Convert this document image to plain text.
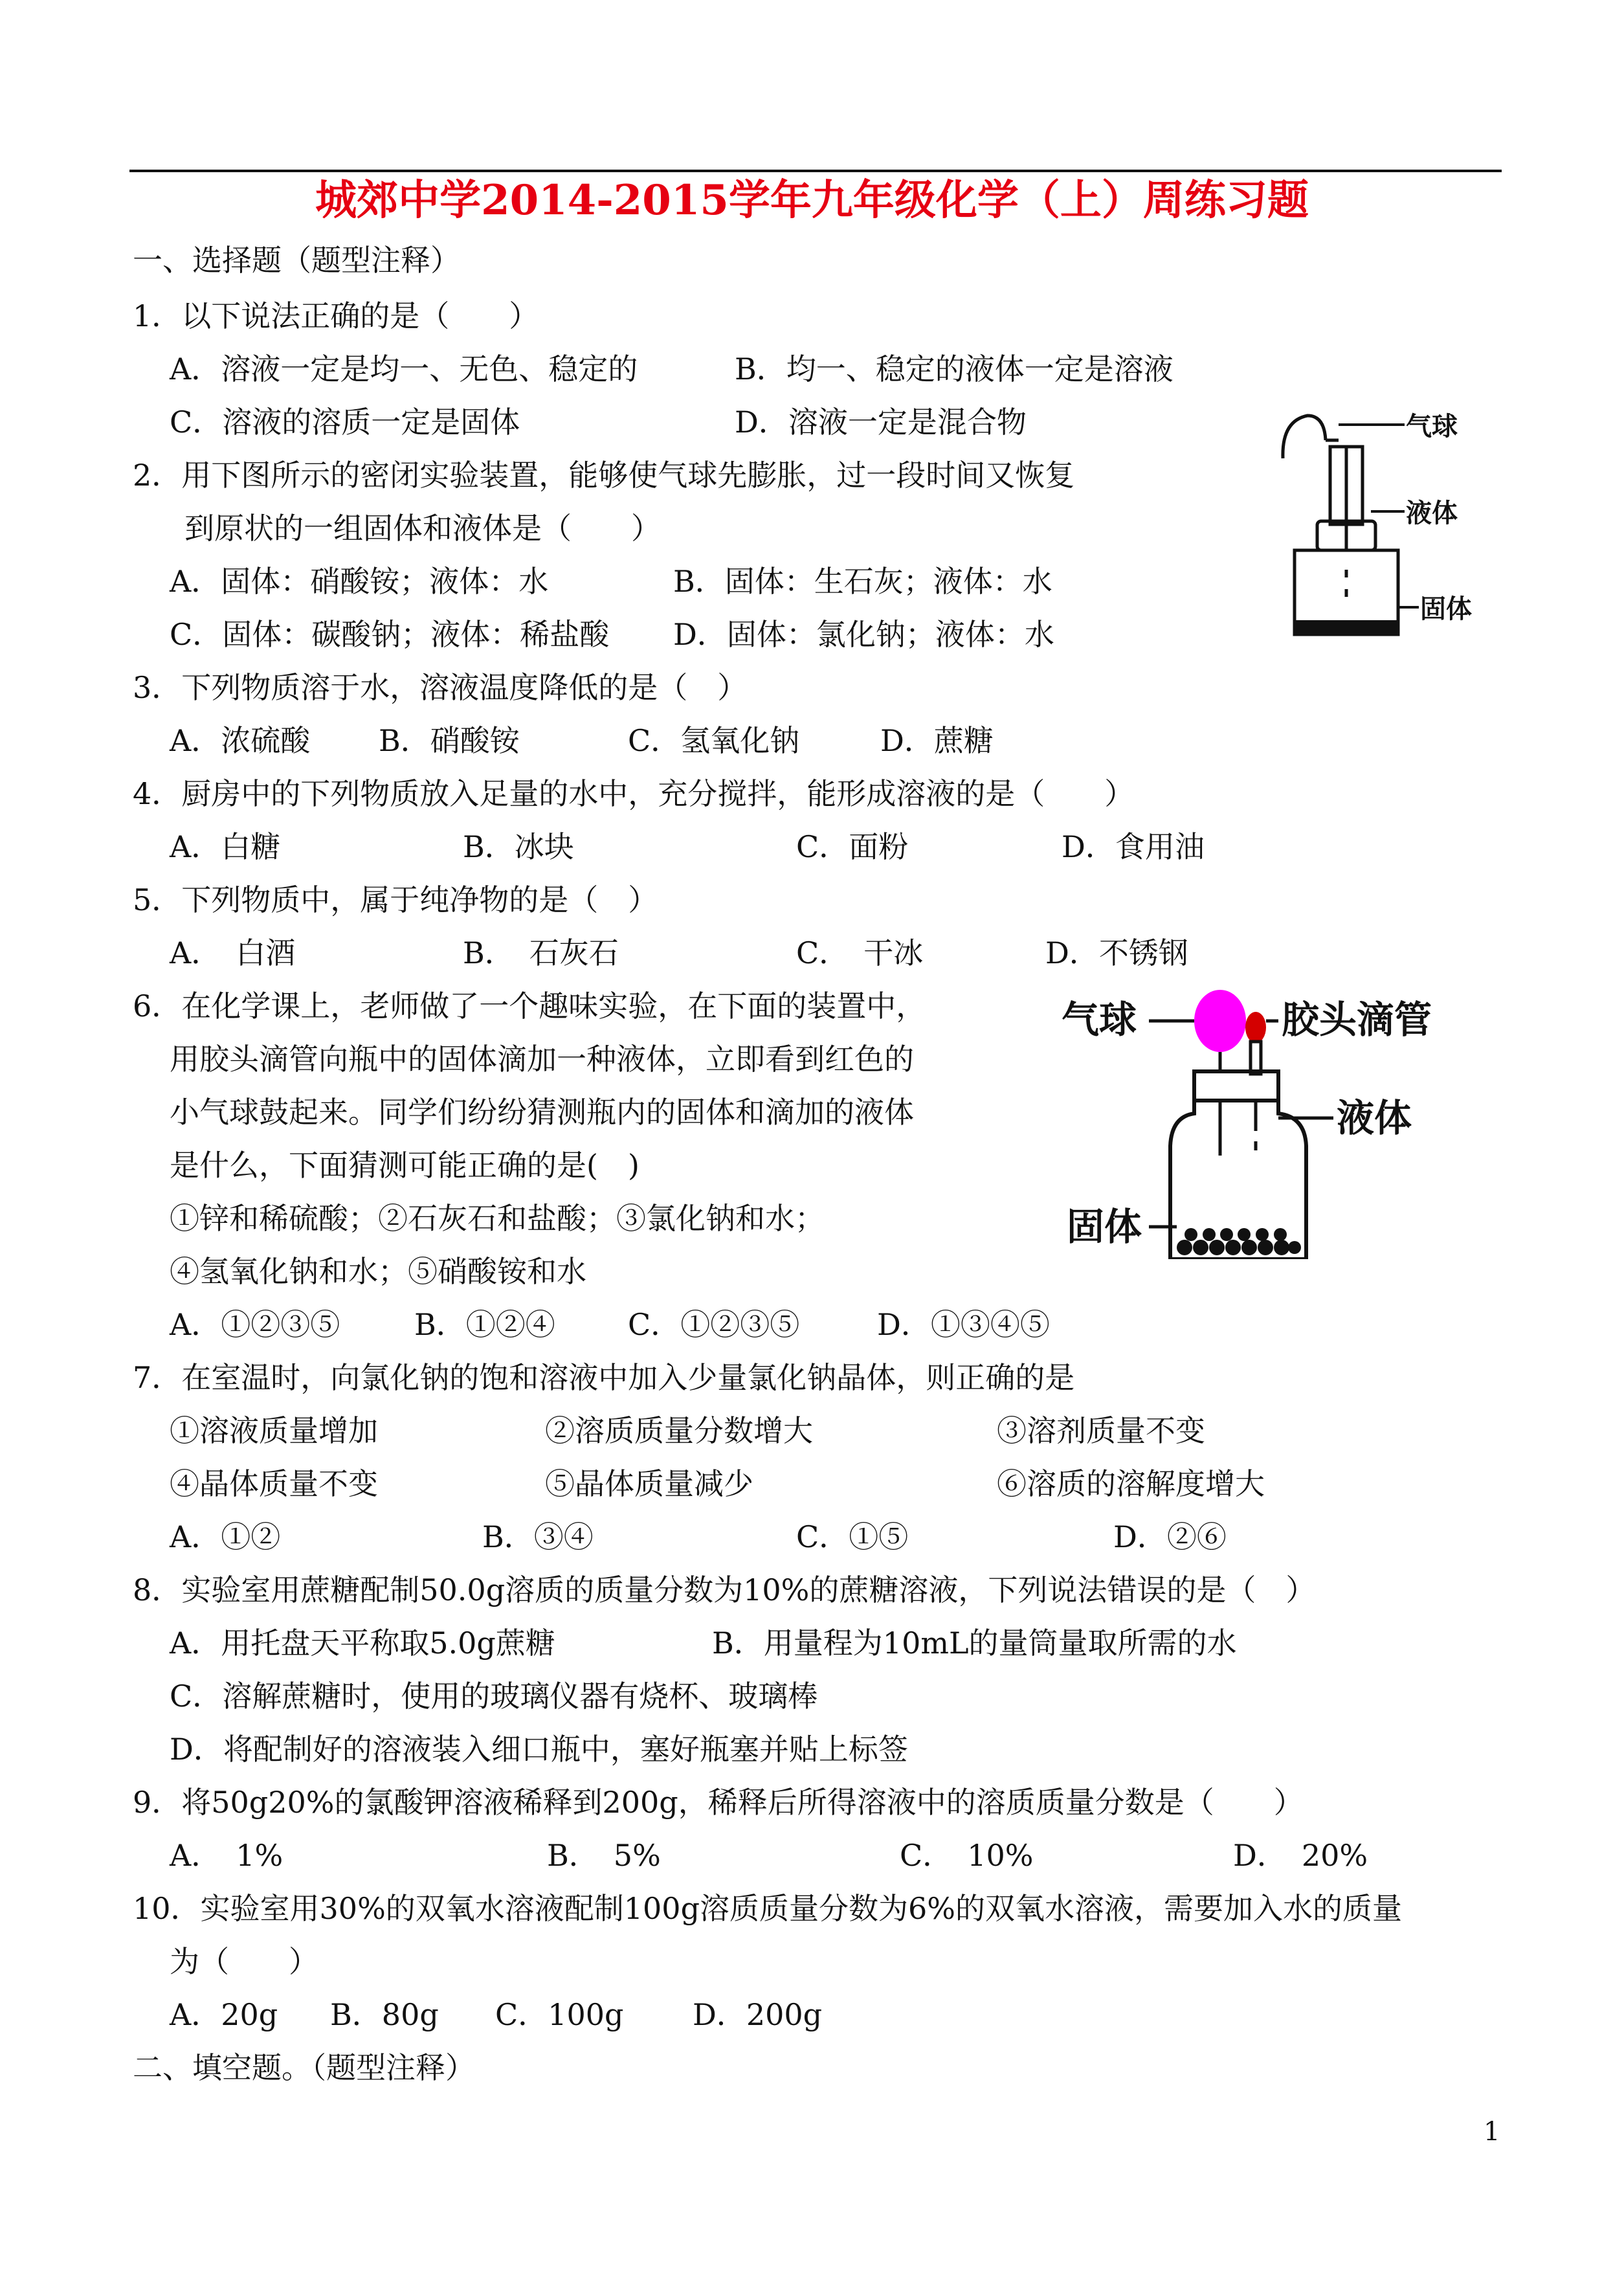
城郊中学2014-2015学年九年级化学（上）周练习题
一、选择题（题型注释）
1．以下说法正确的是（　　）
A．溶液一定是均一、无色、稳定的	B．均一、稳定的液体一定是溶液
C．溶液的溶质一定是固体	D．溶液一定是混合物
2．用下图所示的密闭实验装置，能够使气球先膨胀，过一段时间又恢复
到原状的一组固体和液体是（　　）
A．固体：硝酸铵；液体：水	B．固体：生石灰；液体：水
C．固体：碳酸钠；液体：稀盐酸 D．固体：氯化钠；液体：水
气球
液体
固体
3．下列物质溶于水，溶液温度降低的是（　）
A．浓硫酸 B．硝酸铵	C．氢氧化钠	D．蔗糖
4．厨房中的下列物质放入足量的水中，充分搅拌，能形成溶液的是（　　）
A．白糖	B．冰块	C．面粉	D．食用油
5．下列物质中，属于纯净物的是（　）
A．　白酒	B．　石灰石	C．　干冰	D．不锈钢
6．在化学课上，老师做了一个趣味实验，在下面的装置中，
用胶头滴管向瓶中的固体滴加一种液体，立即看到红色的
小气球鼓起来。同学们纷纷猜测瓶内的固体和滴加的液体
是什么，下面猜测可能正确的是(　)
①锌和稀硫酸；②石灰石和盐酸；③氯化钠和水；
④氢氧化钠和水；⑤硝酸铵和水
A．①②③⑤ B．①②④ C．①②③⑤	D．①③④⑤
气球	胶头滴管
液体
固体
7．在室温时，向氯化钠的饱和溶液中加入少量氯化钠晶体，则正确的是
①溶液质量增加	②溶质质量分数增大	③溶剂质量不变
④晶体质量不变	⑤晶体质量减少	⑥溶质的溶解度增大
A．①②	B．③④	C．①⑤	D．②⑥
8．实验室用蔗糖配制50.0g溶质的质量分数为10%的蔗糖溶液，下列说法错误的是（　）
A．用托盘天平称取5.0g蔗糖	B．用量程为10mL的量筒量取所需的水
C．溶解蔗糖时，使用的玻璃仪器有烧杯、玻璃棒
D．将配制好的溶液装入细口瓶中，塞好瓶塞并贴上标签
9．将50g20%的氯酸钾溶液稀释到200g，稀释后所得溶液中的溶质质量分数是（　　）
A．　1%	B．　5%	C．　10%	D．　20%
10．实验室用30%的双氧水溶液配制100g溶质质量分数为6%的双氧水溶液，需要加入水的质量
为（　　）
A．20g B．80g C．100g D．200g
二、填空题。（题型注释）
1
